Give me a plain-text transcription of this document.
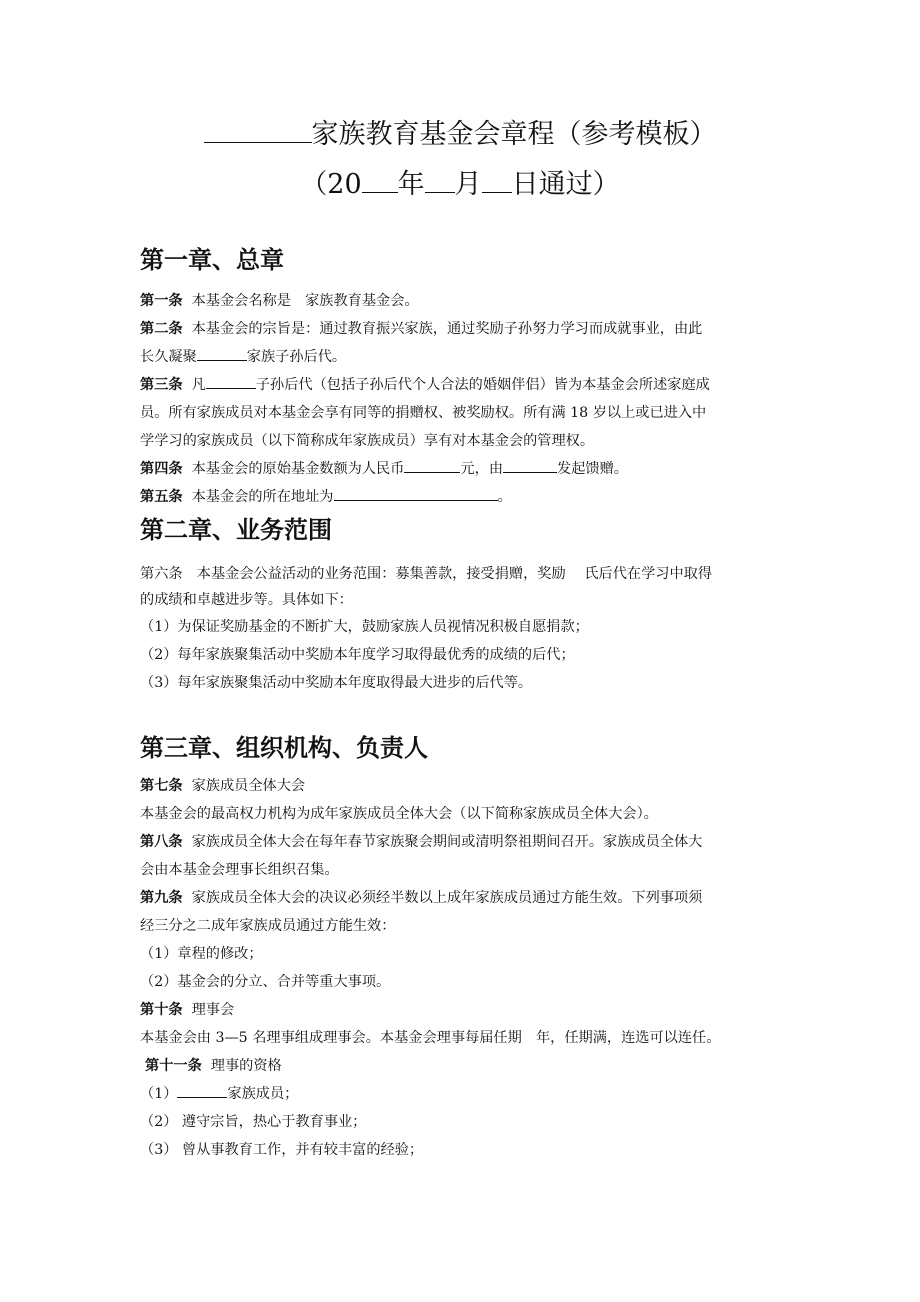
家族教育基金会章程（参考模板）
（20 年 月 日通过）
第一章、总章
第一条 本基金会名称是　家族教育基金会。
第二条 本基金会的宗旨是：通过教育振兴家族，通过奖励子孙努力学习而成就事业，由此
长久凝聚	家族子孙后代。
第三条 凡	子孙后代（包括子孙后代个人合法的婚姻伴侣）皆为本基金会所述家庭成
员。所有家族成员对本基金会享有同等的捐赠权、被奖励权。所有满 18 岁以上或已进入中
学学习的家族成员（以下简称成年家族成员）享有对本基金会的管理权。
第四条 本基金会的原始基金数额为人民币	元，由	发起馈赠。
第五条 本基金会的所在地址为	。
第二章、业务范围
第六条　本基金会公益活动的业务范围：募集善款，接受捐赠，奖励　 氏后代在学习中取得
的成绩和卓越进步等。具体如下：
（1）为保证奖励基金的不断扩大，鼓励家族人员视情况积极自愿捐款；
（2）每年家族聚集活动中奖励本年度学习取得最优秀的成绩的后代；
（3）每年家族聚集活动中奖励本年度取得最大进步的后代等。
第三章、组织机构、负责人
第七条 家族成员全体大会
本基金会的最高权力机构为成年家族成员全体大会（以下简称家族成员全体大会）。
第八条 家族成员全体大会在每年春节家族聚会期间或清明祭祖期间召开。家族成员全体大
会由本基金会理事长组织召集。
第九条 家族成员全体大会的决议必须经半数以上成年家族成员通过方能生效。下列事项须
经三分之二成年家族成员通过方能生效：
（1）章程的修改；
（2）基金会的分立、合并等重大事项。
第十条 理事会
本基金会由 3—5 名理事组成理事会。本基金会理事每届任期　年，任期满，连选可以连任。
第十一条 理事的资格
（1）	家族成员；
（2） 遵守宗旨，热心于教育事业；
（3） 曾从事教育工作，并有较丰富的经验；
